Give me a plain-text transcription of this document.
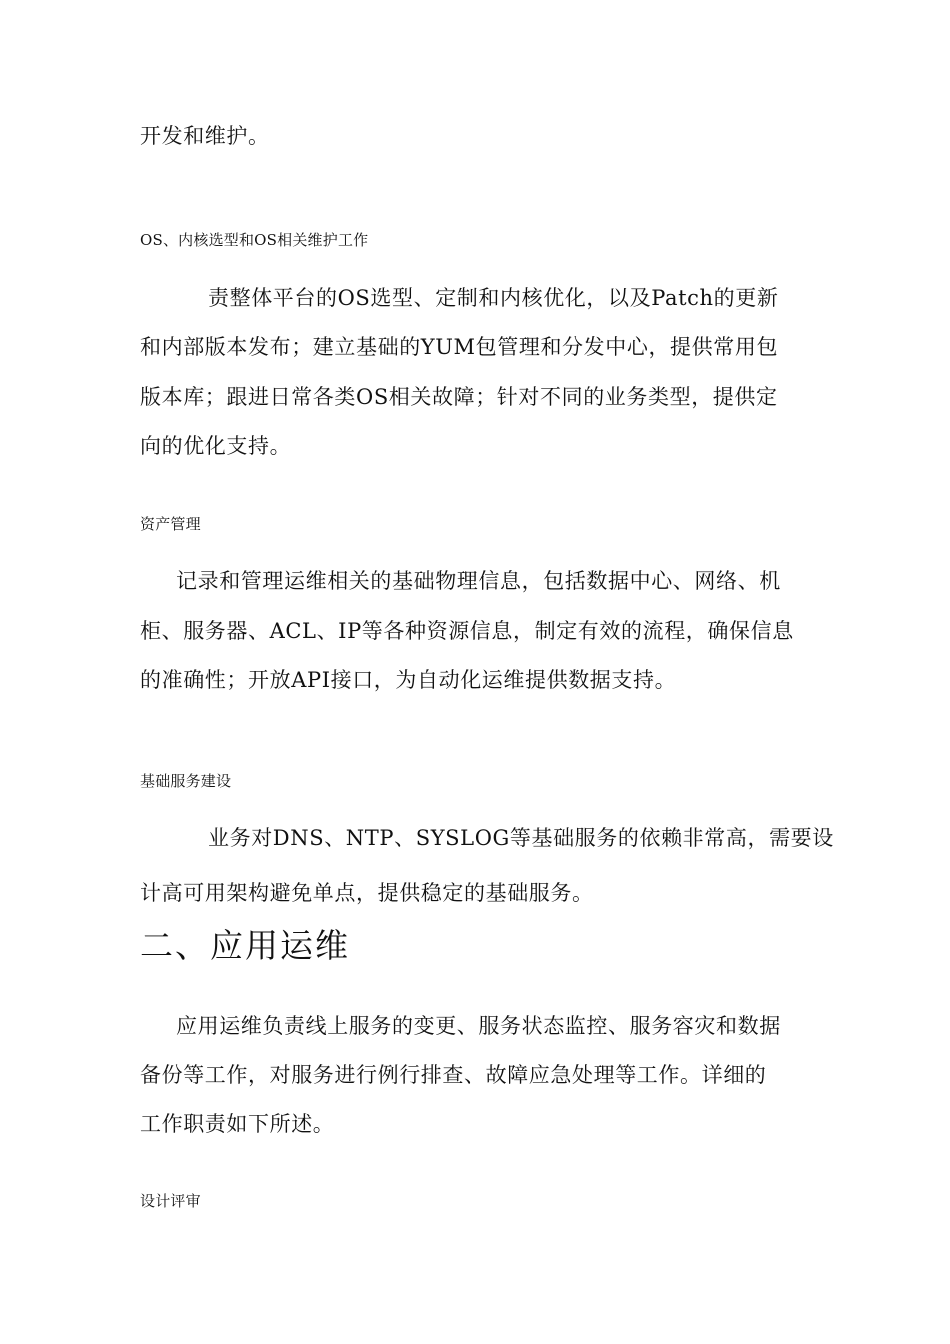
开发和维护。

OS、内核选型和OS相关维护工作

责整体平台的OS选型、定制和内核优化，以及Patch的更新

和内部版本发布；建立基础的YUM包管理和分发中心，提供常用包

版本库；跟进日常各类OS相关故障；针对不同的业务类型，提供定

向的优化支持。

资产管理

记录和管理运维相关的基础物理信息，包括数据中心、网络、机

柜、服务器、ACL、IP等各种资源信息，制定有效的流程，确保信息

的准确性；开放API接口，为自动化运维提供数据支持。

基础服务建设

业务对DNS、NTP、SYSLOG等基础服务的依赖非常高，需要设

计高可用架构避免单点，提供稳定的基础服务。

二、应用运维

应用运维负责线上服务的变更、服务状态监控、服务容灾和数据

备份等工作，对服务进行例行排查、故障应急处理等工作。详细的

工作职责如下所述。

设计评审
